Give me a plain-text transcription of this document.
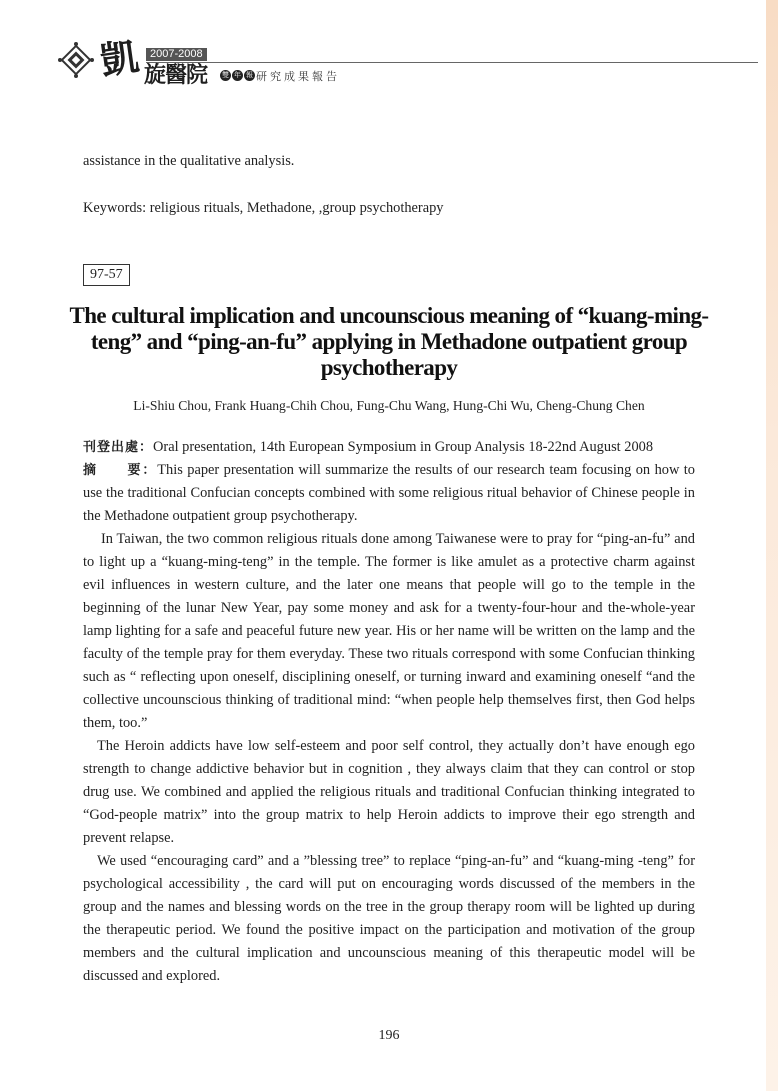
凱 2007-2008
旋醫院 雙 年 報 研究成果報告

assistance in the qualitative analysis.

Keywords: religious rituals, Methadone, ,group psychotherapy

97-57
The cultural implication and uncounscious meaning of “kuang-ming-teng” and “ping-an-fu” applying in Methadone outpatient group psychotherapy
Li-Shiu Chou, Frank Huang-Chih Chou, Fung-Chu Wang, Hung-Chi Wu, Cheng-Chung Chen

刊登出處：Oral presentation, 14th European Symposium in Group Analysis 18-22nd August 2008

摘　　要：This paper presentation will summarize the results of our research team focusing on how to use the traditional Confucian concepts combined with some religious ritual behavior of Chinese people in the Methadone outpatient group psychotherapy.

In Taiwan, the two common religious rituals done among Taiwanese were to pray for “ping-an-fu” and to light up a “kuang-ming-teng” in the temple. The former is like amulet as a protective charm against evil influences in western culture, and the later one means that people will go to the temple in the beginning of the lunar New Year, pay some money and ask for a twenty-four-hour and the-whole-year lamp lighting for a safe and peaceful future new year. His or her name will be written on the lamp and the faculty of the temple pray for them everyday. These two rituals correspond with some Confucian thinking such as “ reflecting upon oneself, disciplining oneself, or turning inward and examining oneself “and the collective uncounscious thinking of traditional mind: “when people help themselves first, then God helps them, too.”

The Heroin addicts have low self-esteem and poor self control, they actually don’t have enough ego strength to change addictive behavior but in cognition , they always claim that they can control or stop drug use. We combined and applied the religious rituals and traditional Confucian thinking integrated to “God-people matrix” into the group matrix to help Heroin addicts to improve their ego strength and prevent relapse.

We used “encouraging card” and a ”blessing tree” to replace “ping-an-fu” and “kuang-ming -teng” for psychological accessibility , the card will put on encouraging words discussed of the members in the group and the names and blessing words on the tree in the group therapy room will be lighted up during the therapeutic period. We found the positive impact on the participation and motivation of the group members and the cultural implication and uncounscious meaning of this therapeutic model will be discussed and explored.

196
